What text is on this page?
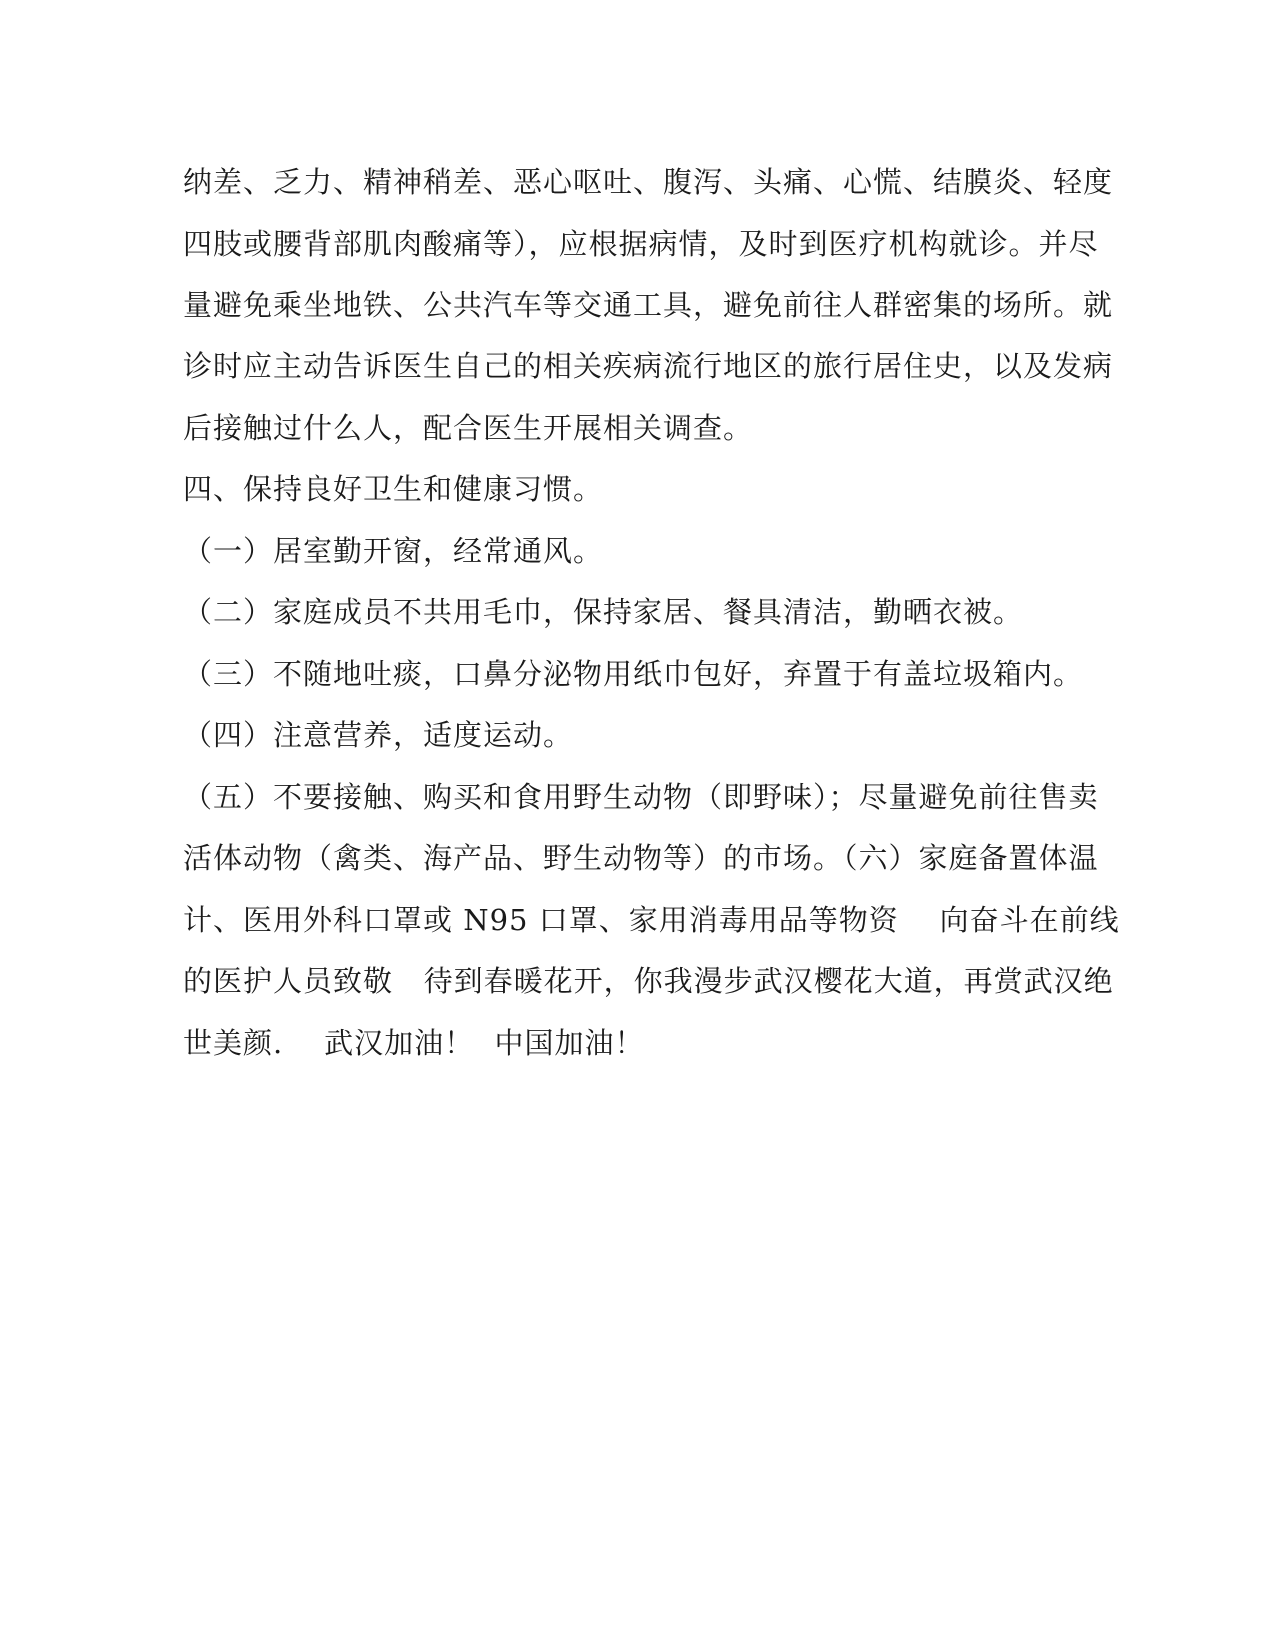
纳差、乏力、精神稍差、恶心呕吐、腹泻、头痛、心慌、结膜炎、轻度
四肢或腰背部肌肉酸痛等），应根据病情，及时到医疗机构就诊。并尽
量避免乘坐地铁、公共汽车等交通工具，避免前往人群密集的场所。就
诊时应主动告诉医生自己的相关疾病流行地区的旅行居住史，以及发病
后接触过什么人，配合医生开展相关调查。
四、保持良好卫生和健康习惯。
（一）居室勤开窗，经常通风。
（二）家庭成员不共用毛巾，保持家居、餐具清洁，勤晒衣被。
（三）不随地吐痰，口鼻分泌物用纸巾包好，弃置于有盖垃圾箱内。
（四）注意营养，适度运动。
（五）不要接触、购买和食用野生动物（即野味）；尽量避免前往售卖
活体动物（禽类、海产品、野生动物等）的市场。（六）家庭备置体温
计、医用外科口罩或 N95 口罩、家用消毒用品等物资    向奋斗在前线
的医护人员致敬   待到春暖花开，你我漫步武汉樱花大道，再赏武汉绝
世美颜.    武汉加油！  中国加油！
